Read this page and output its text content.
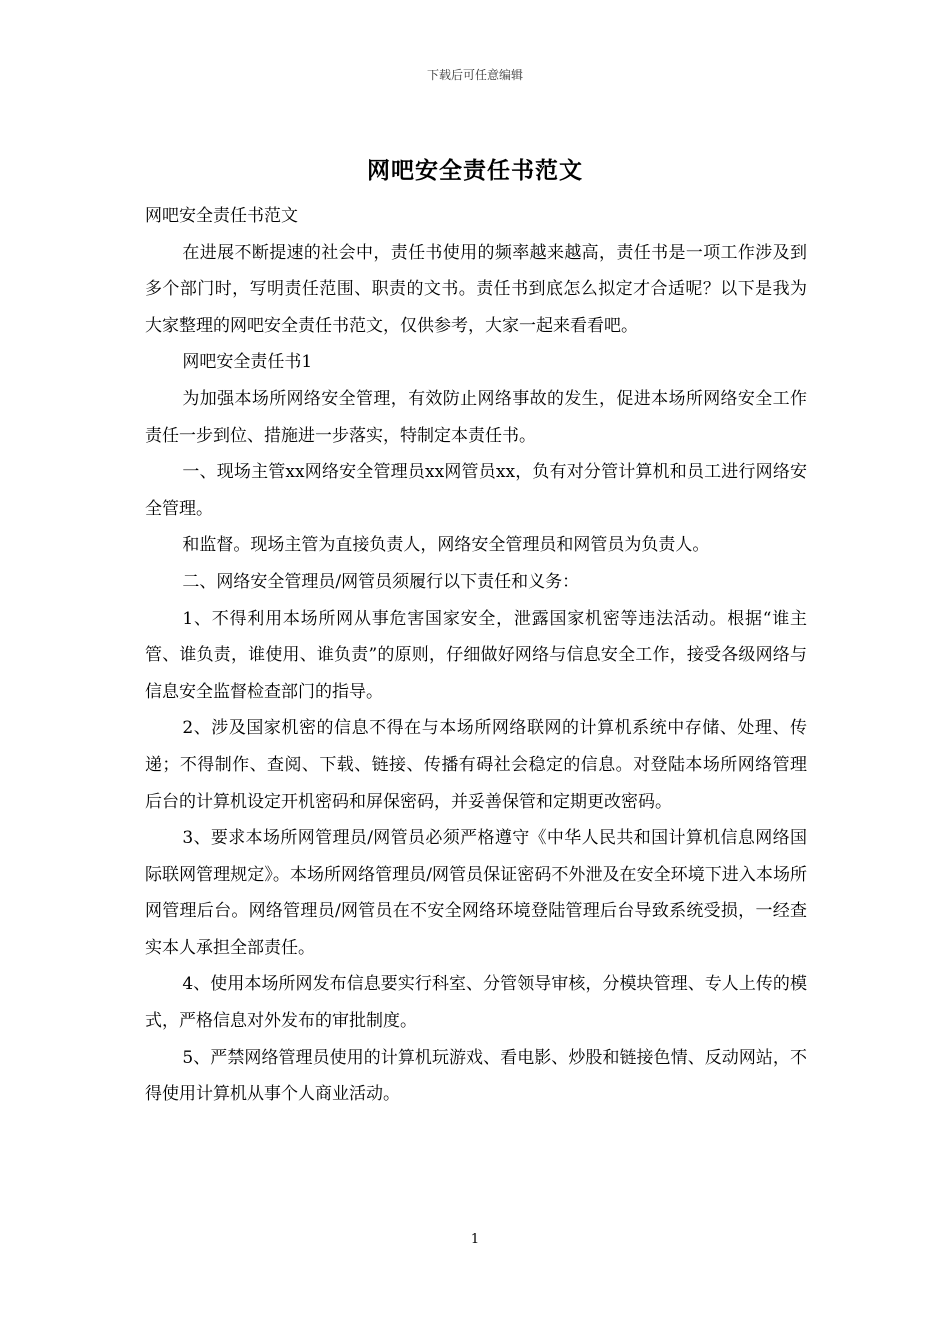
下载后可任意编辑
网吧安全责任书范文

网吧安全责任书范文

在进展不断提速的社会中，责任书使用的频率越来越高，责任书是一项工作涉及到多个部门时，写明责任范围、职责的文书。责任书到底怎么拟定才合适呢？以下是我为大家整理的网吧安全责任书范文，仅供参考，大家一起来看看吧。

网吧安全责任书1

为加强本场所网络安全管理，有效防止网络事故的发生，促进本场所网络安全工作责任一步到位、措施进一步落实，特制定本责任书。

一、现场主管xx网络安全管理员xx网管员xx，负有对分管计算机和员工进行网络安全管理。

和监督。现场主管为直接负责人，网络安全管理员和网管员为负责人。

二、网络安全管理员/网管员须履行以下责任和义务：

1、不得利用本场所网从事危害国家安全，泄露国家机密等违法活动。根据“谁主管、谁负责，谁使用、谁负责”的原则，仔细做好网络与信息安全工作，接受各级网络与信息安全监督检查部门的指导。

2、涉及国家机密的信息不得在与本场所网络联网的计算机系统中存储、处理、传递；不得制作、查阅、下载、链接、传播有碍社会稳定的信息。对登陆本场所网络管理后台的计算机设定开机密码和屏保密码，并妥善保管和定期更改密码。

3、要求本场所网管理员/网管员必须严格遵守《中华人民共和国计算机信息网络国际联网管理规定》。本场所网络管理员/网管员保证密码不外泄及在安全环境下进入本场所网管理后台。网络管理员/网管员在不安全网络环境登陆管理后台导致系统受损，一经查实本人承担全部责任。

4、使用本场所网发布信息要实行科室、分管领导审核，分模块管理、专人上传的模式，严格信息对外发布的审批制度。

5、严禁网络管理员使用的计算机玩游戏、看电影、炒股和链接色情、反动网站，不得使用计算机从事个人商业活动。

1
